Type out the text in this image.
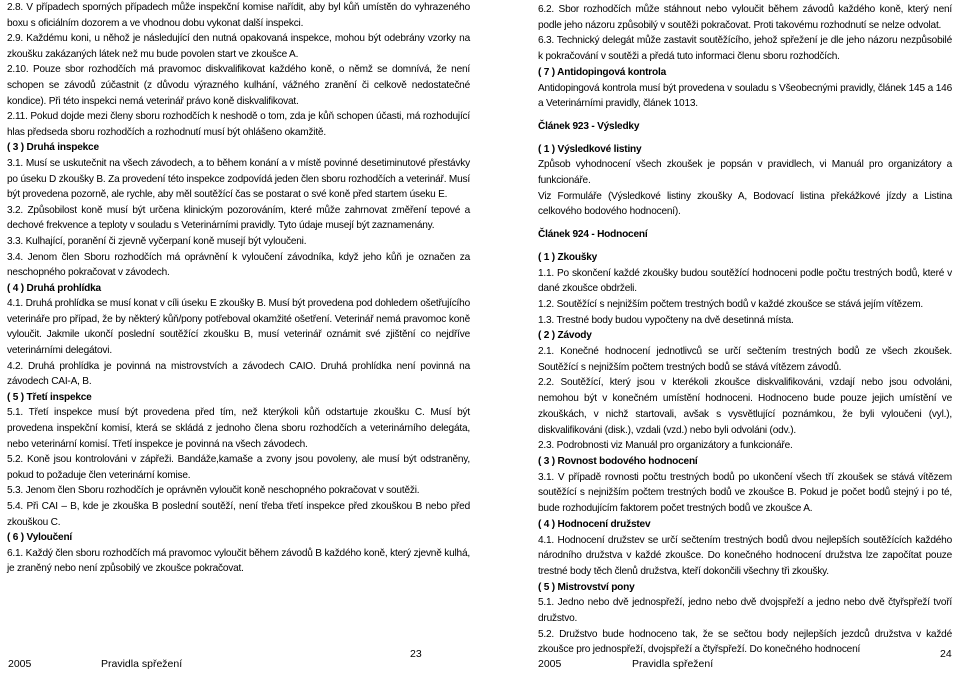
2.8. V případech sporných případech může inspekční komise nařídit, aby byl kůň umístěn do vyhrazeného boxu s oficiálním dozorem a ve vhodnou dobu vykonat další inspekci.

2.9. Každému koni, u něhož je následující den nutná opakovaná inspekce, mohou být odebrány vzorky na zkoušku zakázaných látek než mu bude povolen start ve zkoušce A.

2.10. Pouze sbor rozhodčích má pravomoc diskvalifikovat každého koně, o němž se domnívá, že není schopen se závodů zúčastnit (z důvodu výrazného kulhání, vážného zranění či celkově nedostatečné kondice). Při této inspekci nemá veterinář právo koně diskvalifikovat.

2.11. Pokud dojde mezi členy sboru rozhodčích k neshodě o tom, zda je kůň schopen účasti, má rozhodující hlas předseda sboru rozhodčích a rozhodnutí musí být ohlášeno okamžitě.

( 3 ) Druhá inspekce

3.1. Musí se uskutečnit na všech závodech, a to během konání a v místě povinné desetiminutové přestávky po úseku D zkoušky B. Za provedení této inspekce zodpovídá jeden člen sboru rozhodčích a veterinář. Musí být provedena pozorně, ale rychle, aby měl soutěžící čas se postarat o své koně před startem úseku E.

3.2. Způsobilost koně musí být určena klinickým pozorováním, které může zahrnovat změření tepové a dechové frekvence a teploty v souladu s Veterinárními pravidly. Tyto údaje musejí být zaznamenány.

3.3. Kulhající, poranění či zjevně vyčerpaní koně musejí být vyloučeni.

3.4. Jenom člen Sboru rozhodčích má oprávnění k vyloučení závodníka, když jeho kůň je označen za neschopného pokračovat v závodech.

( 4 ) Druhá prohlídka

4.1. Druhá prohlídka se musí konat v cíli úseku E zkoušky B. Musí být provedena pod dohledem ošetřujícího veterináře pro případ, že by některý kůň/pony potřeboval okamžité ošetření. Veterinář nemá pravomoc koně vyloučit. Jakmile ukončí poslední soutěžící zkoušku B, musí veterinář oznámit své zjištění co nejdříve veterinárními delegátovi.

4.2. Druhá prohlídka je povinná na mistrovstvích a závodech CAIO. Druhá prohlídka není povinná na závodech CAI-A, B.

( 5 ) Třetí inspekce

5.1. Třetí inspekce musí být provedena před tím, než kterýkoli kůň odstartuje zkoušku C. Musí být provedena inspekční komisí, která se skládá z jednoho člena sboru rozhodčích a veterinárního delegáta, nebo veterinární komisí. Třetí inspekce je povinná na všech závodech.

5.2. Koně jsou kontrolováni v zápřeži. Bandáže,kamaše a zvony jsou povoleny, ale musí být odstraněny, pokud to požaduje člen veterinární komise.

5.3. Jenom člen Sboru rozhodčích je oprávněn vyloučit koně neschopného pokračovat v soutěži.

5.4. Při CAI – B, kde je zkouška B poslední soutěží, není třeba třetí inspekce před zkouškou B nebo před zkouškou C.

( 6 ) Vyloučení

6.1. Každý člen sboru rozhodčích má pravomoc vyloučit během závodů B každého koně, který zjevně kulhá, je zraněný nebo není způsobilý ve zkoušce pokračovat.

2005	Pravidla spřežení
23

6.2. Sbor rozhodčích může stáhnout nebo vyloučit během závodů každého koně, který není podle jeho názoru způsobilý v soutěži pokračovat. Proti takovému rozhodnutí se nelze odvolat.

6.3. Technický delegát může zastavit soutěžícího, jehož spřežení je dle jeho názoru nezpůsobilé k pokračování v soutěži a předá tuto informaci členu sboru rozhodčích.

( 7 ) Antidopingová kontrola

Antidopingová kontrola musí být provedena v souladu s Všeobecnými pravidly, článek 145 a 146 a Veterinárními pravidly, článek 1013.

Článek 923 - Výsledky

( 1 ) Výsledkové listiny

Způsob vyhodnocení všech zkoušek je popsán v pravidlech, vi Manuál pro organizátory a funkcionáře.

Viz Formuláře (Výsledkové listiny zkoušky A, Bodovací listina překážkové jízdy a Listina celkového bodového hodnocení).

Článek 924 - Hodnocení

( 1 ) Zkoušky

1.1. Po skončení každé zkoušky budou soutěžící hodnoceni podle počtu trestných bodů, které v dané zkoušce obdrželi.

1.2. Soutěžící s nejnižším počtem trestných bodů v každé zkoušce se stává jejím vítězem.

1.3. Trestné body budou vypočteny na dvě desetinná místa.

( 2 ) Závody

2.1. Konečné hodnocení jednotlivců se určí sečtením trestných bodů ze všech zkoušek. Soutěžící s nejnižším počtem trestných bodů se stává vítězem závodů.

2.2. Soutěžící, který jsou v kterékoli zkoušce diskvalifikováni, vzdají nebo jsou odvoláni, nemohou být v konečném umístění hodnoceni. Hodnoceno bude pouze jejich umístění ve zkouškách, v nichž startovali, avšak s vysvětlující poznámkou, že byli vyloučeni (vyl.), diskvalifikováni (disk.), vzdali (vzd.) nebo byli odvoláni (odv.).

2.3. Podrobnosti viz Manuál pro organizátory a funkcionáře.

( 3 ) Rovnost bodového hodnocení

3.1. V případě rovnosti počtu trestných bodů po ukončení všech tří zkoušek se stává vítězem soutěžící s nejnižším počtem trestných bodů ve zkoušce B. Pokud je počet bodů stejný i po té, bude rozhodujícím faktorem počet trestných bodů ve zkoušce A.

( 4 ) Hodnocení družstev

4.1. Hodnocení družstev se určí sečtením trestných bodů dvou nejlepších soutěžících každého národního družstva v každé zkoušce. Do konečného hodnocení družstva lze započítat pouze trestné body těch členů družstva, kteří dokončili všechny tři zkoušky.

( 5 ) Mistrovství pony

5.1. Jedno nebo dvě jednospřeží, jedno nebo dvě dvojspřeží a jedno nebo dvě čtyřspřeží tvoří družstvo.

5.2. Družstvo bude hodnoceno tak, že se sečtou body nejlepších jezdců družstva v každé zkoušce pro jednospřeží, dvojspřeží a čtyřspřeží. Do konečného hodnocení

2005	Pravidla spřežení
24
